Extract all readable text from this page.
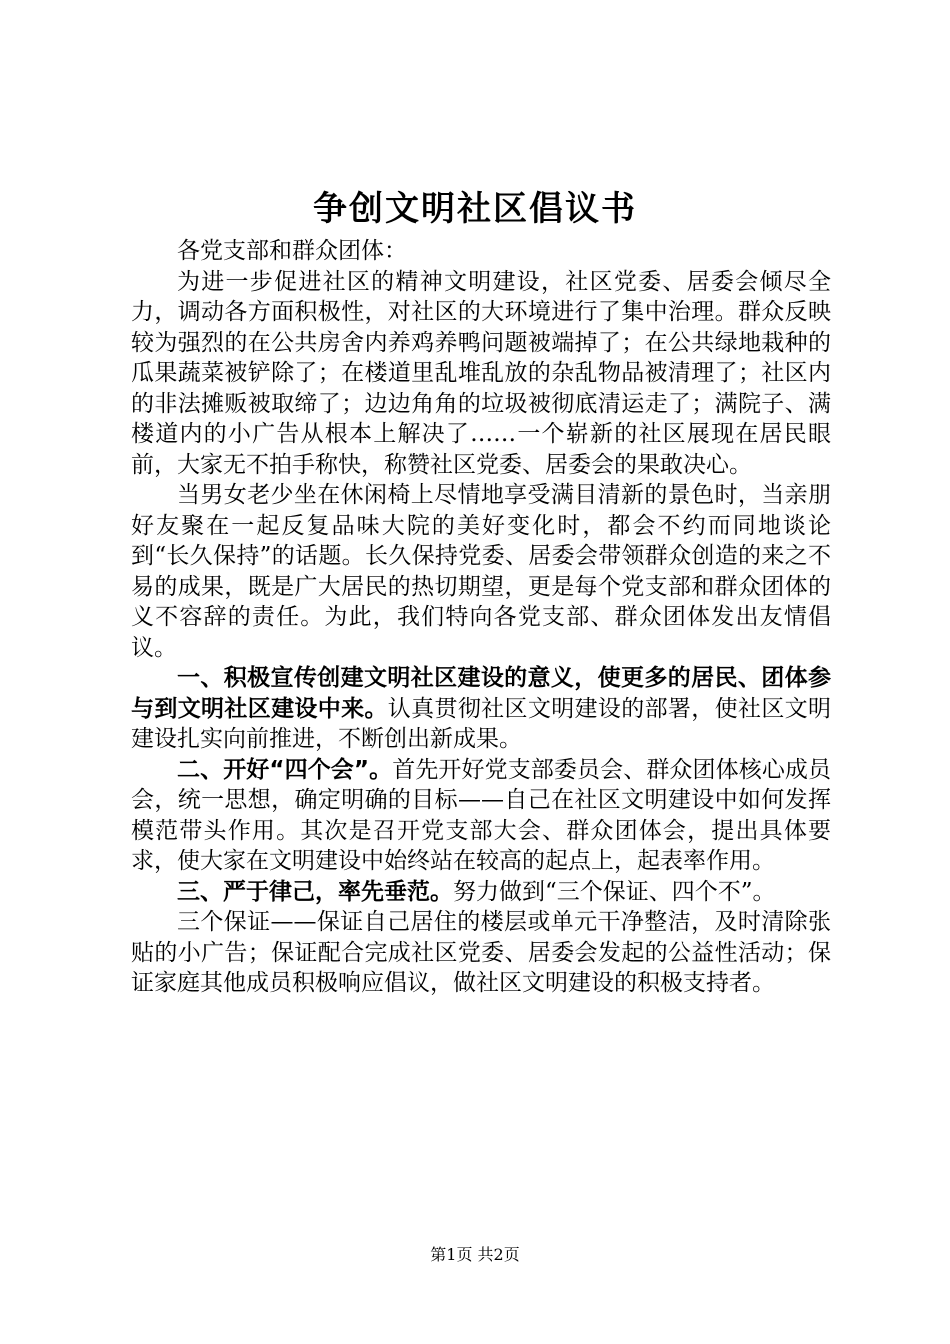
争创文明社区倡议书

各党支部和群众团体：

为进一步促进社区的精神文明建设，社区党委、居委会倾尽全力，调动各方面积极性，对社区的大环境进行了集中治理。群众反映较为强烈的在公共房舍内养鸡养鸭问题被端掉了；在公共绿地栽种的瓜果蔬菜被铲除了；在楼道里乱堆乱放的杂乱物品被清理了；社区内的非法摊贩被取缔了；边边角角的垃圾被彻底清运走了；满院子、满楼道内的小广告从根本上解决了……一个崭新的社区展现在居民眼前，大家无不拍手称快，称赞社区党委、居委会的果敢决心。

当男女老少坐在休闲椅上尽情地享受满目清新的景色时，当亲朋好友聚在一起反复品味大院的美好变化时，都会不约而同地谈论到“长久保持”的话题。长久保持党委、居委会带领群众创造的来之不易的成果，既是广大居民的热切期望，更是每个党支部和群众团体的义不容辞的责任。为此，我们特向各党支部、群众团体发出友情倡议。

一、积极宣传创建文明社区建设的意义，使更多的居民、团体参与到文明社区建设中来。认真贯彻社区文明建设的部署，使社区文明建设扎实向前推进，不断创出新成果。

二、开好“四个会”。首先开好党支部委员会、群众团体核心成员会，统一思想，确定明确的目标——自己在社区文明建设中如何发挥模范带头作用。其次是召开党支部大会、群众团体会，提出具体要求，使大家在文明建设中始终站在较高的起点上，起表率作用。

三、严于律己，率先垂范。努力做到“三个保证、四个不”。

三个保证——保证自己居住的楼层或单元干净整洁，及时清除张贴的小广告；保证配合完成社区党委、居委会发起的公益性活动；保证家庭其他成员积极响应倡议，做社区文明建设的积极支持者。

第1页 共2页
